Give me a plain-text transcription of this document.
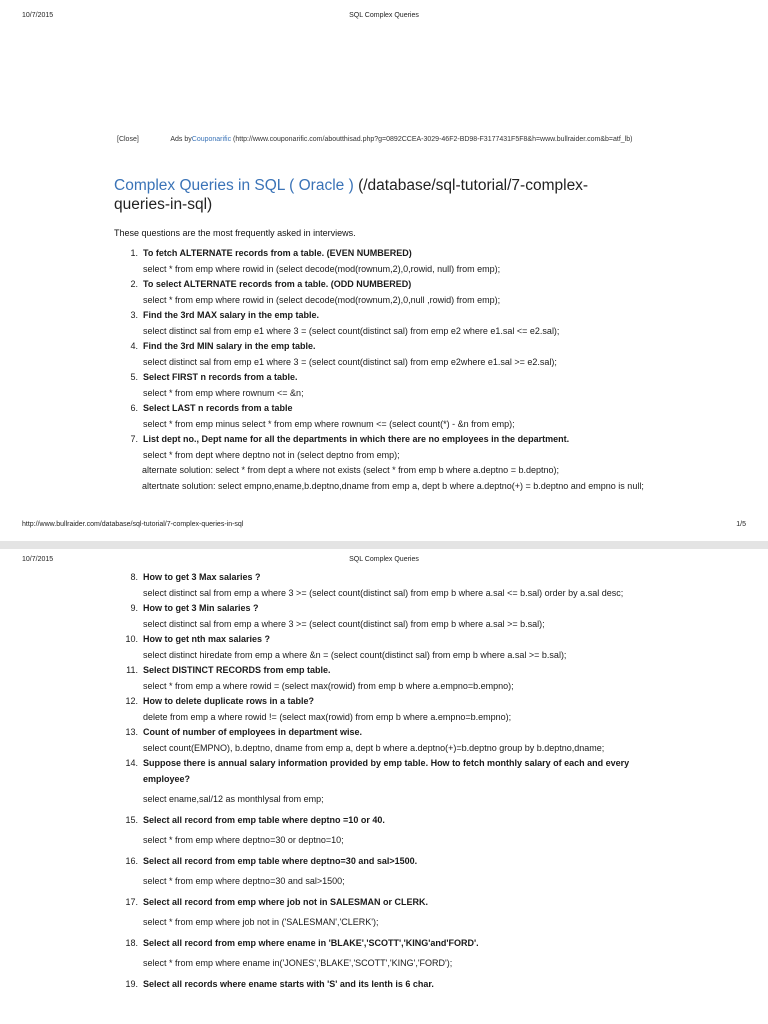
10/7/2015	SQL Complex Queries
[Close]	Ads byCouponarific (http://www.couponarific.com/aboutthisad.php?g=0892CCEA-3029-46F2-BD98-F3177431F5F8&h=www.bullraider.com&b=atf_lb)
Complex Queries in SQL ( Oracle ) (/database/sql-tutorial/7-complex-queries-in-sql)
These questions are the most frequently asked in interviews.
1. To fetch ALTERNATE records from a table. (EVEN NUMBERED)
select * from emp where rowid in (select decode(mod(rownum,2),0,rowid, null) from emp);
2. To select ALTERNATE records from a table. (ODD NUMBERED)
select * from emp where rowid in (select decode(mod(rownum,2),0,null ,rowid) from emp);
3. Find the 3rd MAX salary in the emp table.
select distinct sal from emp e1 where 3 = (select count(distinct sal) from emp e2 where e1.sal <= e2.sal);
4. Find the 3rd MIN salary in the emp table.
select distinct sal from emp e1 where 3 = (select count(distinct sal) from emp e2where e1.sal >= e2.sal);
5. Select FIRST n records from a table.
select * from emp where rownum <= &n;
6. Select LAST n records from a table
select * from emp minus select * from emp where rownum <= (select count(*) - &n from emp);
7. List dept no., Dept name for all the departments in which there are no employees in the department.
select * from dept where deptno not in (select deptno from emp);
alternate solution: select * from dept a where not exists (select * from emp b where a.deptno = b.deptno);
altertnate solution: select empno,ename,b.deptno,dname from emp a, dept b where a.deptno(+) = b.deptno and empno is null;
http://www.bullraider.com/database/sql-tutorial/7-complex-queries-in-sql	1/5
10/7/2015	SQL Complex Queries
8. How to get 3 Max salaries ?
select distinct sal from emp a where 3 >= (select count(distinct sal) from emp b where a.sal <= b.sal) order by a.sal desc;
9. How to get 3 Min salaries ?
select distinct sal from emp a where 3 >= (select count(distinct sal) from emp b where a.sal >= b.sal);
10. How to get nth max salaries ?
select distinct hiredate from emp a where &n = (select count(distinct sal) from emp b where a.sal >= b.sal);
11. Select DISTINCT RECORDS from emp table.
select * from emp a where rowid = (select max(rowid) from emp b where a.empno=b.empno);
12. How to delete duplicate rows in a table?
delete from emp a where rowid != (select max(rowid) from emp b where a.empno=b.empno);
13. Count of number of employees in department wise.
select count(EMPNO), b.deptno, dname from emp a, dept b where a.deptno(+)=b.deptno group by b.deptno,dname;
14. Suppose there is annual salary information provided by emp table. How to fetch monthly salary of each and every employee?
select ename,sal/12 as monthlysal from emp;
15. Select all record from emp table where deptno =10 or 40.
select * from emp where deptno=30 or deptno=10;
16. Select all record from emp table where deptno=30 and sal>1500.
select * from emp where deptno=30 and sal>1500;
17. Select all record from emp where job not in SALESMAN or CLERK.
select * from emp where job not in ('SALESMAN','CLERK');
18. Select all record from emp where ename in 'BLAKE','SCOTT','KING'and'FORD'.
select * from emp where ename in('JONES','BLAKE','SCOTT','KING','FORD');
19. Select all records where ename starts with 'S' and its lenth is 6 char.
